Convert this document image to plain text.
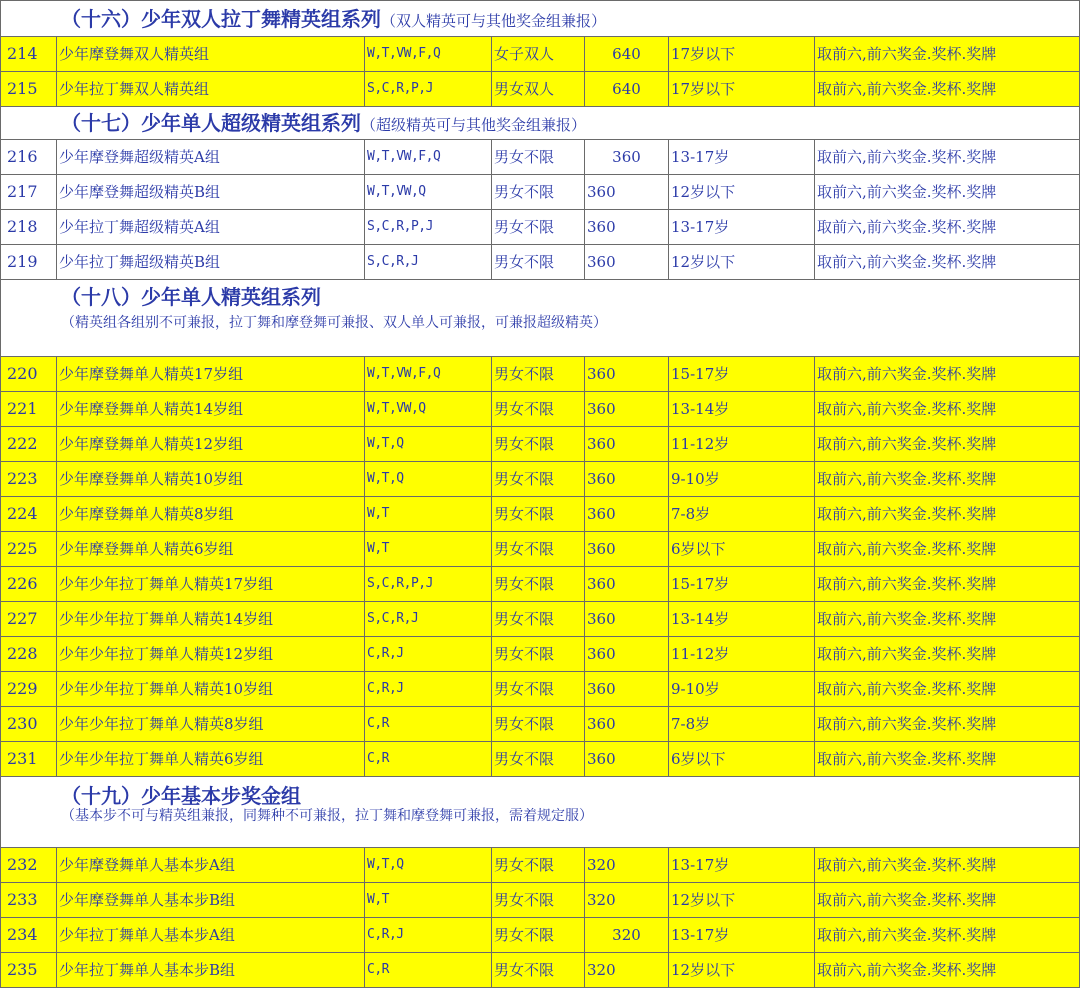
（十六）少年双人拉丁舞精英组系列（双人精英可与其他奖金组兼报）						
214	少年摩登舞双人精英组	W,T,VW,F,Q	女子双人	640	17岁以下	取前六,前六奖金.奖杯.奖牌
215	少年拉丁舞双人精英组	S,C,R,P,J	男女双人	640	17岁以下	取前六,前六奖金.奖杯.奖牌
（十七）少年单人超级精英组系列（超级精英可与其他奖金组兼报）						
216	少年摩登舞超级精英A组	W,T,VW,F,Q	男女不限	360	13-17岁	取前六,前六奖金.奖杯.奖牌
217	少年摩登舞超级精英B组	W,T,VW,Q	男女不限	360	12岁以下	取前六,前六奖金.奖杯.奖牌
218	少年拉丁舞超级精英A组	S,C,R,P,J	男女不限	360	13-17岁	取前六,前六奖金.奖杯.奖牌
219	少年拉丁舞超级精英B组	S,C,R,J	男女不限	360	12岁以下	取前六,前六奖金.奖杯.奖牌
（十八）少年单人精英组系列
（精英组各组别不可兼报，拉丁舞和摩登舞可兼报、双人单人可兼报，可兼报超级精英）						

220	少年摩登舞单人精英17岁组	W,T,VW,F,Q	男女不限	360	15-17岁	取前六,前六奖金.奖杯.奖牌
221	少年摩登舞单人精英14岁组	W,T,VW,Q	男女不限	360	13-14岁	取前六,前六奖金.奖杯.奖牌
222	少年摩登舞单人精英12岁组	W,T,Q	男女不限	360	11-12岁	取前六,前六奖金.奖杯.奖牌
223	少年摩登舞单人精英10岁组	W,T,Q	男女不限	360	9-10岁	取前六,前六奖金.奖杯.奖牌
224	少年摩登舞单人精英8岁组	W,T	男女不限	360	7-8岁	取前六,前六奖金.奖杯.奖牌
225	少年摩登舞单人精英6岁组	W,T	男女不限	360	6岁以下	取前六,前六奖金.奖杯.奖牌
226	少年少年拉丁舞单人精英17岁组	S,C,R,P,J	男女不限	360	15-17岁	取前六,前六奖金.奖杯.奖牌
227	少年少年拉丁舞单人精英14岁组	S,C,R,J	男女不限	360	13-14岁	取前六,前六奖金.奖杯.奖牌
228	少年少年拉丁舞单人精英12岁组	C,R,J	男女不限	360	11-12岁	取前六,前六奖金.奖杯.奖牌
229	少年少年拉丁舞单人精英10岁组	C,R,J	男女不限	360	9-10岁	取前六,前六奖金.奖杯.奖牌
230	少年少年拉丁舞单人精英8岁组	C,R	男女不限	360	7-8岁	取前六,前六奖金.奖杯.奖牌
231	少年少年拉丁舞单人精英6岁组	C,R	男女不限	360	6岁以下	取前六,前六奖金.奖杯.奖牌
（十九）少年基本步奖金组
（基本步不可与精英组兼报，同舞种不可兼报，拉丁舞和摩登舞可兼报，需着规定服）						

232	少年摩登舞单人基本步A组	W,T,Q	男女不限	320	13-17岁	取前六,前六奖金.奖杯.奖牌
233	少年摩登舞单人基本步B组	W,T	男女不限	320	12岁以下	取前六,前六奖金.奖杯.奖牌
234	少年拉丁舞单人基本步A组	C,R,J	男女不限	320	13-17岁	取前六,前六奖金.奖杯.奖牌
235	少年拉丁舞单人基本步B组	C,R	男女不限	320	12岁以下	取前六,前六奖金.奖杯.奖牌
